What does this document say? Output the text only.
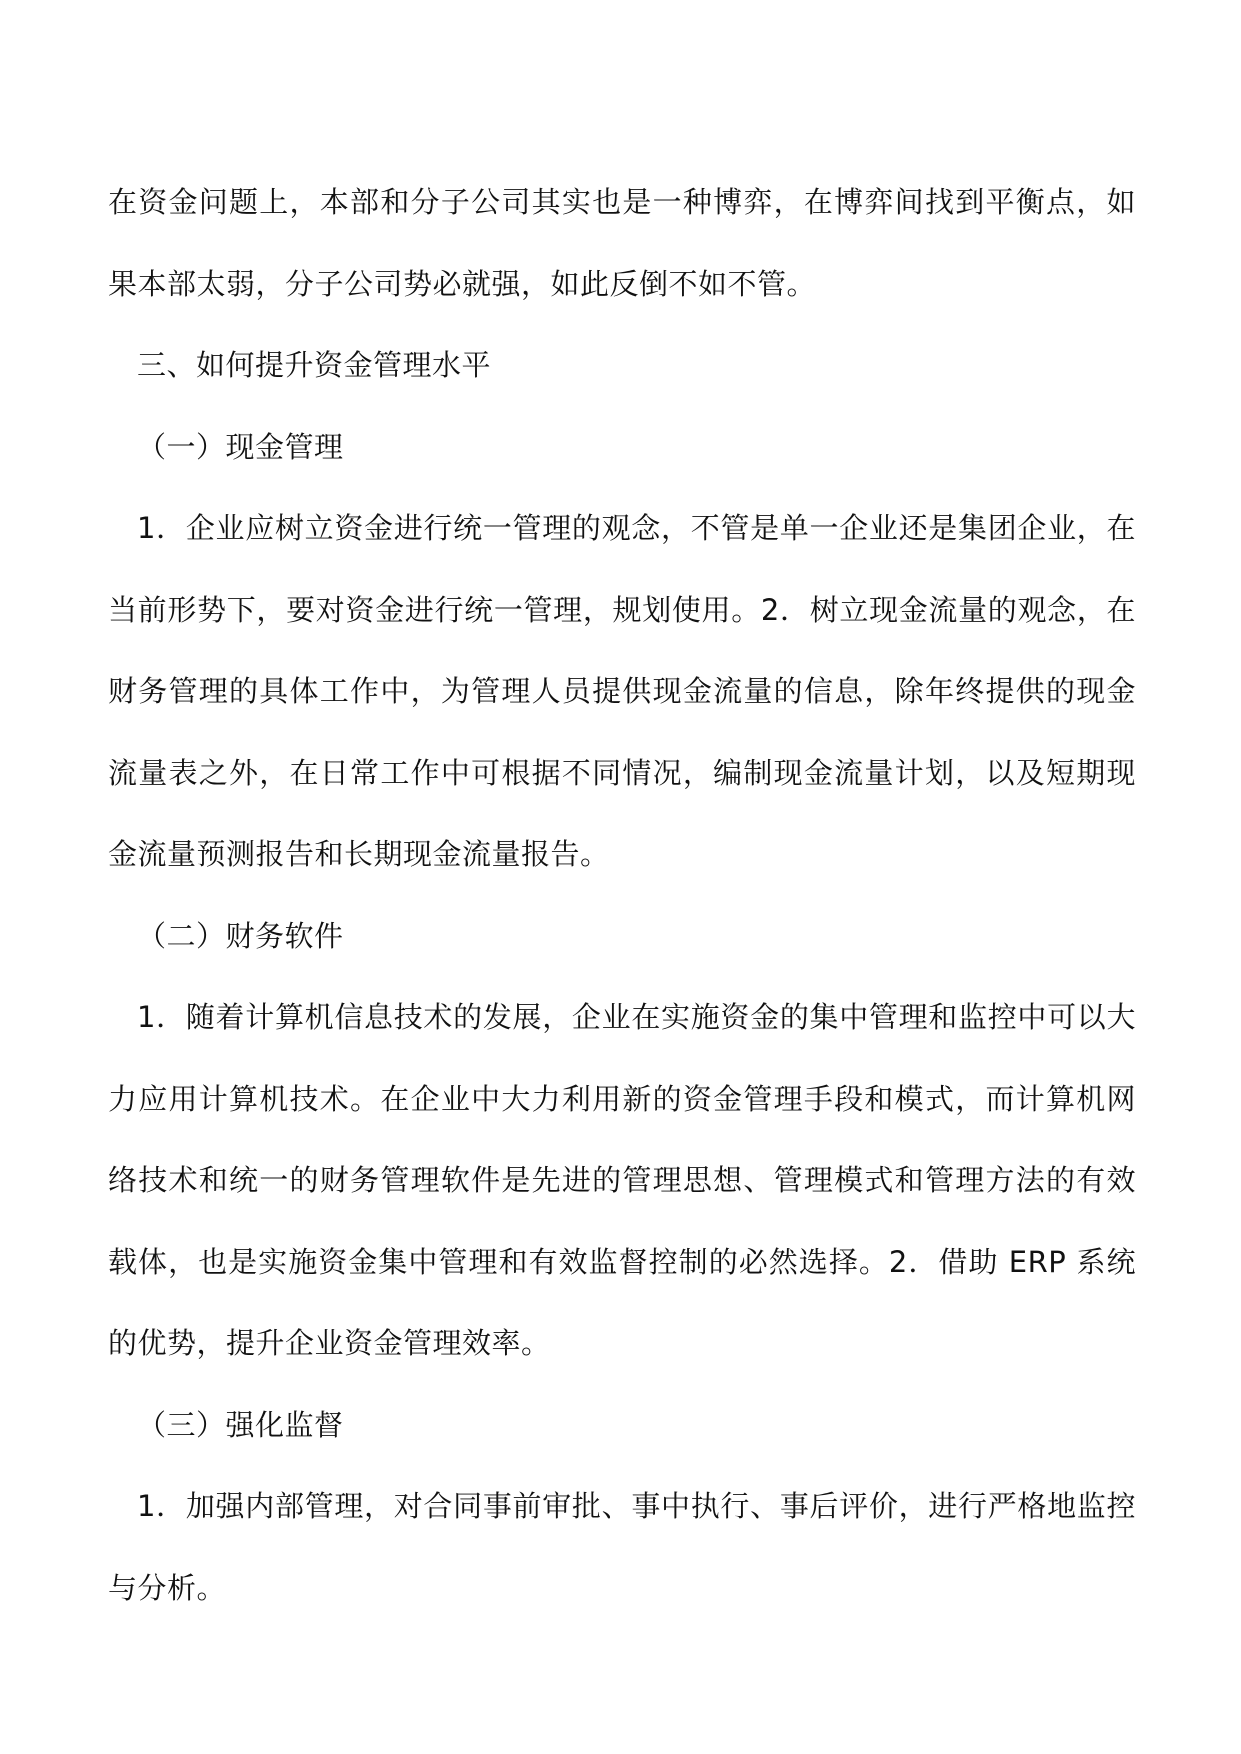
在资金问题上，本部和分子公司其实也是一种博弈，在博弈间找到平衡点，如果本部太弱，分子公司势必就强，如此反倒不如不管。

三、如何提升资金管理水平

（一）现金管理

1．企业应树立资金进行统一管理的观念，不管是单一企业还是集团企业，在当前形势下，要对资金进行统一管理，规划使用。2．树立现金流量的观念，在财务管理的具体工作中，为管理人员提供现金流量的信息，除年终提供的现金流量表之外，在日常工作中可根据不同情况，编制现金流量计划，以及短期现金流量预测报告和长期现金流量报告。

（二）财务软件

1．随着计算机信息技术的发展，企业在实施资金的集中管理和监控中可以大力应用计算机技术。在企业中大力利用新的资金管理手段和模式，而计算机网络技术和统一的财务管理软件是先进的管理思想、管理模式和管理方法的有效载体，也是实施资金集中管理和有效监督控制的必然选择。2．借助 ERP 系统的优势，提升企业资金管理效率。

（三）强化监督

1．加强内部管理，对合同事前审批、事中执行、事后评价，进行严格地监控与分析。
